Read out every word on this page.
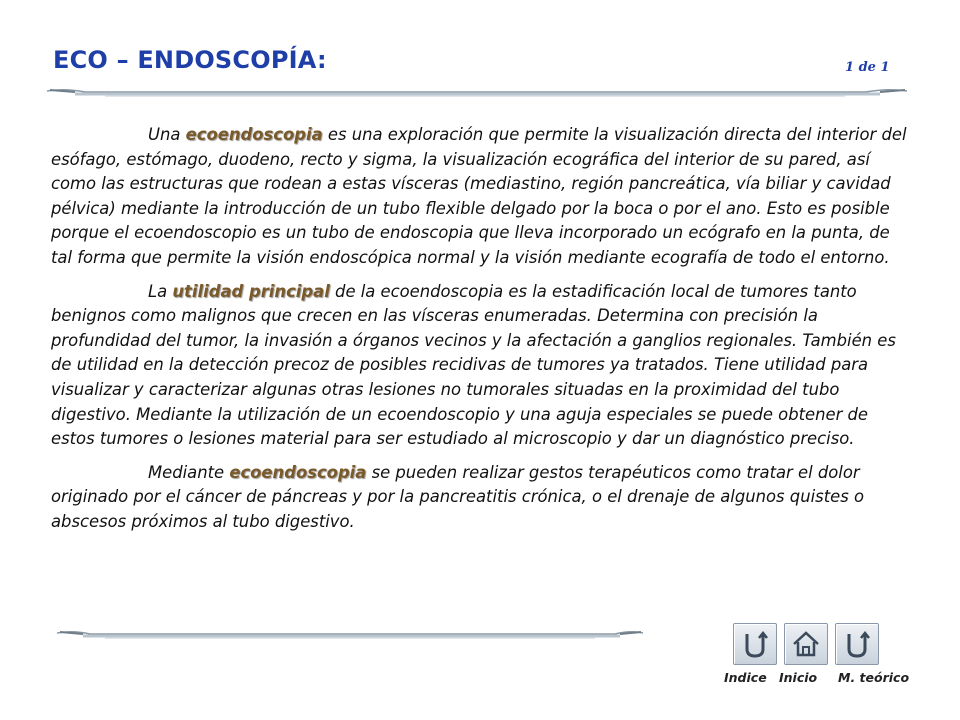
ECO – ENDOSCOPÍA:	1 de 1

Una ecoendoscopia es una exploración que permite la visualización directa del interior del esófago, estómago, duodeno, recto y sigma, la visualización ecográfica del interior de su pared, así como las estructuras que rodean a estas vísceras (mediastino, región pancreática, vía biliar y cavidad pélvica) mediante la introducción de un tubo flexible delgado por la boca o por el ano. Esto es posible porque el ecoendoscopio es un tubo de endoscopia que lleva incorporado un ecógrafo en la punta, de tal forma que permite la visión endoscópica normal y la visión mediante ecografía de todo el entorno.

La utilidad principal de la ecoendoscopia es la estadificación local de tumores tanto benignos como malignos que crecen en las vísceras enumeradas. Determina con precisión la profundidad del tumor, la invasión a órganos vecinos y la afectación a ganglios regionales. También es de utilidad en la detección precoz de posibles recidivas de tumores ya tratados. Tiene utilidad para visualizar y caracterizar algunas otras lesiones no tumorales situadas en la proximidad del tubo digestivo. Mediante la utilización de un ecoendoscopio y una aguja especiales se puede obtener de estos tumores o lesiones material para ser estudiado al microscopio y dar un diagnóstico preciso.

Mediante ecoendoscopia se pueden realizar gestos terapéuticos como tratar el dolor originado por el cáncer de páncreas y por la pancreatitis crónica, o el drenaje de algunos quistes o abscesos próximos al tubo digestivo.

Indice Inicio M. teórico
